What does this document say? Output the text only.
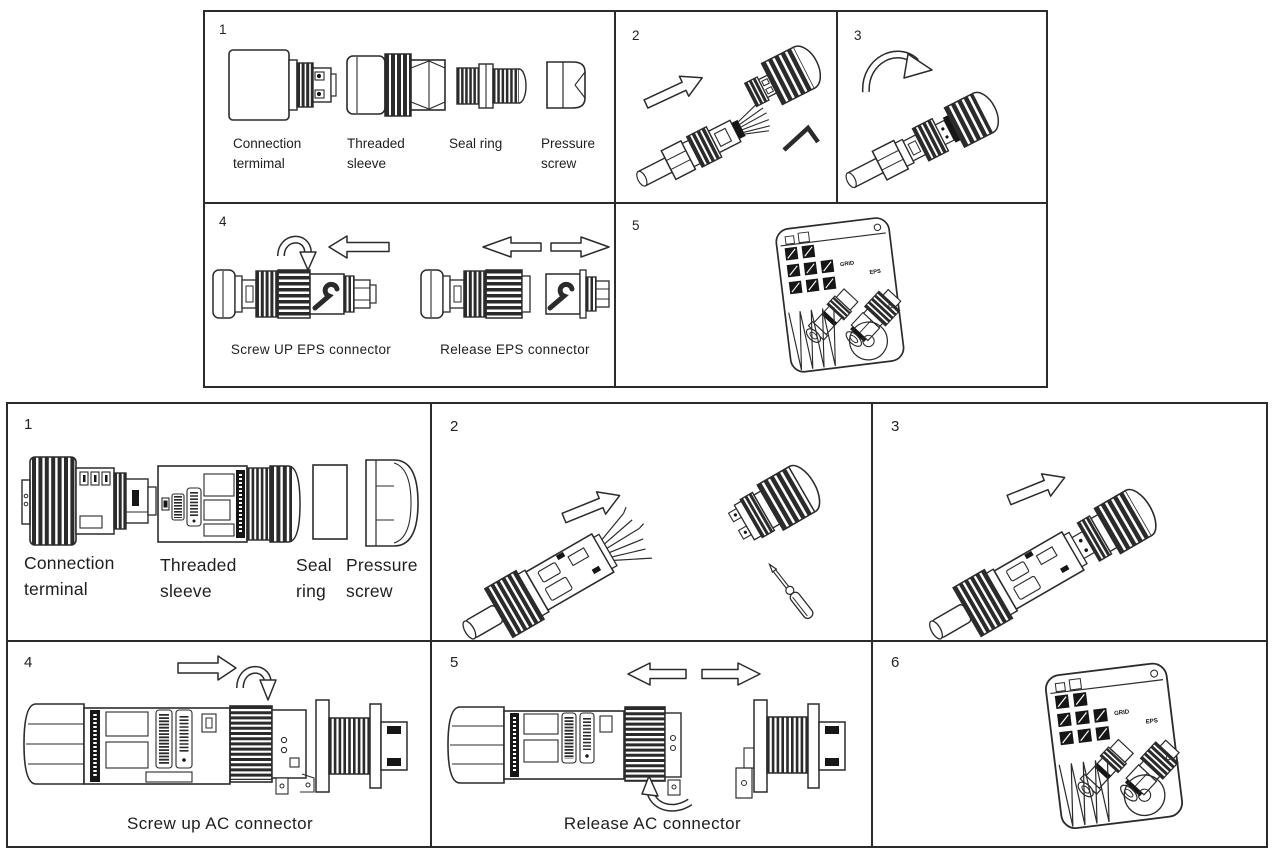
1
Connection
termimal
Threaded
sleeve
Seal ring	Pressure
screw
2	3
4
Screw UP EPS connector	Release EPS connector
5
GRID
EPS
1
Connection
terminal
Threaded
sleeve
Seal
ring
Pressure
screw
2	3
4
Screw up AC connector
5
Release AC connector
6
GRID
EPS
